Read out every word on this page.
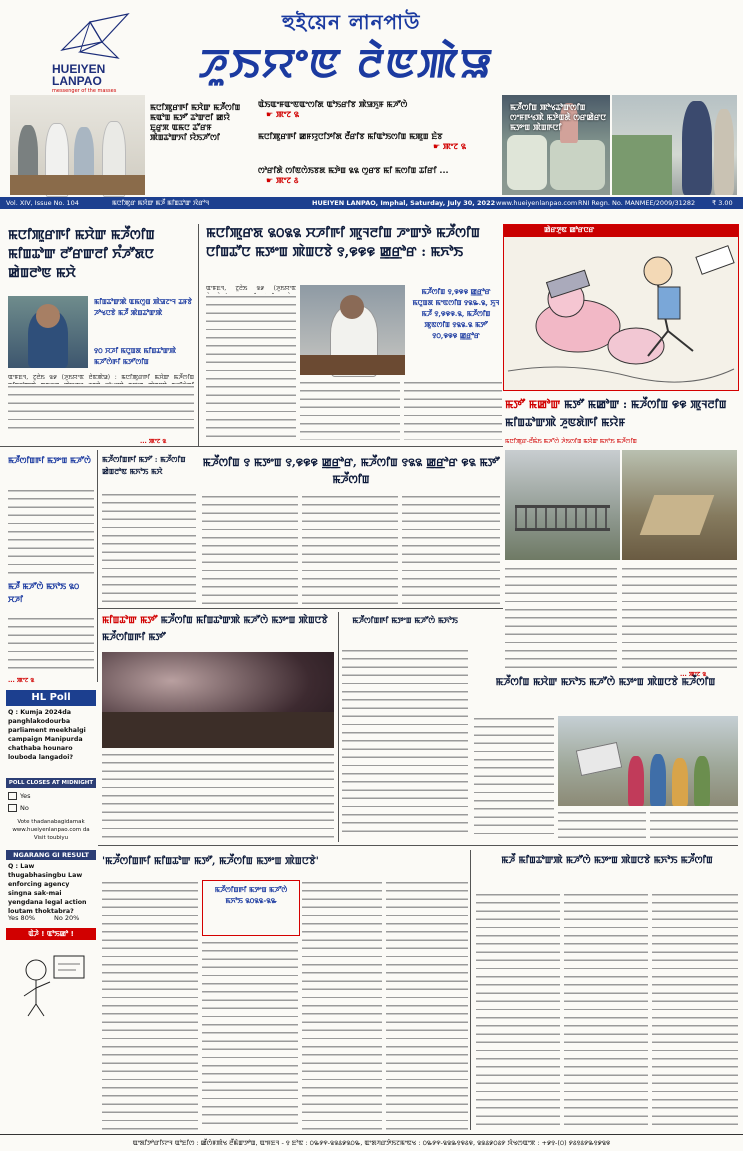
HUEIYEN
LANPAO
messenger of the masses
হুইয়েন লানপাউ
ꯍꯨꯏꯌꯦꯟ ꯂꯥꯟꯄꯥꯎ
ꯃꯅꯤꯄꯨꯔꯒꯤ ꯃꯆꯥꯛ ꯃꯍꯩꯁꯤꯡ ꯃꯑꯣꯡ ꯃꯇꯧ ꯊꯣꯛꯂꯤ ꯀꯌꯥ ꯐꯨꯔꯨꯞ ꯑꯃꯅ ꯊꯧꯔꯝ ꯄꯥꯡꯊꯣꯛꯈꯤ ꯌꯥꯏꯍꯧꯁꯤ
ꯑꯥꯏꯑꯦꯝꯑꯦꯟꯑꯦꯁꯤꯗ ꯑꯣꯏꯔꯤꯕ ꯄꯥꯎꯈꯨꯝ ꯃꯍꯧꯁꯥ
☛ ꯄꯦꯖ ꯲
ꯃꯅꯤꯄꯨꯔꯒꯤ ꯀꯝꯌꯨꯅꯤꯇꯤꯗ ꯂꯩꯔꯤꯕ ꯃꯤꯑꯣꯏꯁꯤꯡ ꯃꯄꯨꯡ ꯐꯥꯕ
☛ ꯄꯦꯖ ꯲
ꯁꯣꯔꯤꯗꯥ ꯁꯤꯟꯁꯥꯏꯕꯗ ꯃꯇꯥꯡ ꯲꯲ ꯁꯨꯔꯕ ꯃꯤ ꯃꯁꯤꯡ ꯊꯤꯔꯤ ...
☛ ꯄꯦꯖ ꯴
ꯃꯍꯩꯁꯤꯡ ꯄꯣꯠꯊꯣꯛꯁꯤꯡ ꯁꯦꯝꯒꯠꯄꯥ ꯃꯇꯥꯡꯗꯥ ꯁꯔꯀꯥꯔꯅ ꯃꯇꯦꯡ ꯄꯥꯡꯒꯅꯤ
Vol. XIV, Issue No. 104	ꯃꯅꯤꯄꯨꯔ ꯃꯆꯥꯛ ꯃꯍꯩ ꯃꯤꯡꯊꯣꯛ ꯋꯥꯔꯣꯜ	HUEIYEN LANPAO, Imphal, Saturday, July 30, 2022 www.hueiyenlanpao.com RNI Regn. No. MANMEE/2009/31282	₹ 3.00
ꯃꯅꯤꯄꯨꯔꯒꯤ ꯃꯆꯥꯛ ꯃꯍꯩꯁꯤꯡ ꯃꯤꯡꯊꯣꯛ ꯂꯧꯔꯛꯂꯤ ꯈꯪꯍꯧꯗꯅ ꯀꯥꯡꯂꯣꯟ ꯃꯆꯥ
ꯃꯤꯡꯊꯣꯛꯄꯥ ꯑꯃꯁꯨꯡ ꯄꯥꯎꯖꯦꯜ ꯊꯝꯕꯥ ꯍꯣꯠꯅꯕꯥ ꯃꯍꯩ ꯄꯥꯡꯊꯣꯛꯄꯥ
꯱꯰ ꯆꯍꯤ ꯃꯅꯨꯡꯗ ꯃꯤꯡꯊꯣꯛꯄꯥ ꯃꯍꯧꯁꯥꯒꯤ ꯃꯇꯧꯁꯤꯡ
ꯑꯦꯝꯐꯜ, ꯖꯨꯂꯥꯏ ꯲꯹ (ꯍꯨꯏꯌꯦꯟ ꯂꯥꯟꯄꯥꯎ) : ꯃꯅꯤꯄꯨꯔꯒꯤ ꯃꯆꯥꯛ ꯃꯍꯩꯁꯤꯡ
... ꯄꯦꯖ ꯲
ꯃꯅꯤꯄꯨꯔꯗ ꯲꯰꯲꯲ ꯆꯍꯤꯒꯤ ꯄꯨꯜꯂꯤꯡ ꯍꯦꯛꯇꯥ ꯃꯍꯩꯁꯤꯡ ꯅꯤꯡꯊꯧꯅ ꯃꯇꯦꯡ ꯄꯥꯡꯅꯕꯥ ꯱,꯶꯶꯶ ꯀ꯭ꯔꯣꯔ : ꯃꯈꯣꯏ
ꯑꯦꯝꯐꯜ, ꯖꯨꯂꯥꯏ ꯲꯹ (ꯍꯨꯏꯌꯦꯟ	ꯃꯍꯩꯁꯤꯡ ꯱,꯶꯶꯶ ꯀ꯭ꯔꯣꯔ ꯃꯅꯨꯡꯗ ꯃꯦꯟꯁꯤꯡ ꯱꯲꯳.꯲, ꯈꯨꯜ ꯃꯍꯩ ꯱,꯶꯶꯶.꯲, ꯃꯍꯩꯁꯤꯡ ꯄꯨꯟꯁꯤꯡ ꯱꯲꯲.꯲ ꯃꯇꯧ ꯱꯰,꯶꯶꯶ ꯀ꯭ꯔꯣꯔ
ꯀꯥꯔꯇꯨꯟ ꯀꯣꯔꯅꯔ
ꯃꯇꯧ ꯃꯀꯣꯛ ꯃꯇꯧ ꯃꯀꯣꯛ : ꯃꯍꯩꯁꯤꯡ ꯶꯶ ꯄꯨꯜꯂꯤꯡ ꯃꯤꯡꯊꯣꯛꯄꯥ ꯍꯨꯟꯗꯥꯒꯤ ꯃꯌꯥꯝ
ꯃꯅꯤꯄꯨꯔ-ꯂꯩꯃꯥꯏ ꯃꯍꯧꯁꯥ ꯍꯥꯏꯁꯤꯡ ꯃꯆꯥꯛ ꯃꯈꯣꯏ ꯃꯍꯩꯁꯤꯡ
ꯃꯍꯩꯁꯤꯡꯒꯤ ꯃꯇꯦꯡ ꯃꯍꯧꯁꯥ
ꯃꯍꯩ ꯃꯍꯧꯁꯥ ꯃꯈꯣꯏ ꯲꯰ ꯆꯍꯤ
... ꯄꯦꯖ ꯲
ꯃꯍꯩꯁꯤꯡꯒꯤ ꯃꯇꯧ : ꯃꯍꯩꯁꯤꯡ ꯀꯥꯡꯂꯣꯟ ꯃꯈꯣꯏ ꯃꯆꯥ
ꯃꯍꯩꯁꯤꯡ ꯱ ꯃꯇꯦꯡ ꯱,꯶꯶꯶ ꯀ꯭ꯔꯣꯔ, ꯃꯍꯩꯁꯤꯡ ꯱꯲꯲ ꯀ꯭ꯔꯣꯔ ꯶꯲ ꯃꯇꯧ ꯃꯍꯩꯁꯤꯡ
... ꯄꯦꯖ ꯲
ꯃꯤꯡꯊꯣꯛ ꯃꯇꯧ ꯃꯍꯩꯁꯤꯡ ꯃꯤꯡꯊꯣꯛꯄꯥ ꯃꯍꯧꯁꯥ ꯃꯇꯦꯡ ꯄꯥꯡꯅꯕꯥ ꯃꯍꯩꯁꯤꯡꯒꯤ ꯃꯇꯧ
ꯃꯍꯩꯁꯤꯡꯒꯤ ꯃꯇꯦꯡ ꯃꯍꯧꯁꯥ ꯃꯈꯣꯏ
ꯃꯍꯩꯁꯤꯡ ꯃꯆꯥꯛ ꯃꯈꯣꯏ ꯃꯍꯧꯁꯥ ꯃꯇꯦꯡ ꯄꯥꯡꯅꯕꯥ ꯃꯍꯩꯁꯤꯡ
HL Poll
Q : Kumja 2024da panghlakodourba parliament meekhalgi campaign Manipurda chathaba hounaro louboda langadoi?
POLL CLOSES AT MIDNIGHT
Yes
No
Vote thadanabagidamak www.hueiyenlanpao.com da Visit toubiyu
NGARANG GI RESULT
Q : Law thugabhasingbu Law enforcing agency singna sak-mai yengdana legal action loutam thoktabra?
Yes 80%	No 20%
ꯑꯥꯍꯥ ! ꯑꯣꯏꯀꯣ !
'ꯃꯍꯩꯁꯤꯡꯒꯤ ꯃꯤꯡꯊꯣꯛ ꯃꯇꯧ, ꯃꯍꯩꯁꯤꯡ ꯃꯇꯦꯡ ꯄꯥꯡꯅꯕꯥ'
ꯃꯍꯩꯁꯤꯡꯒꯤ ꯃꯇꯦꯡ ꯃꯍꯧꯁꯥ ꯃꯈꯣꯏ ꯲꯰꯲꯲-꯲꯳
ꯃꯍꯩ ꯃꯤꯡꯊꯣꯛꯄꯥ ꯃꯍꯧꯁꯥ ꯃꯇꯦꯡ ꯄꯥꯡꯅꯕꯥ ꯃꯈꯣꯏ ꯃꯍꯩꯁꯤꯡ
ꯑꯦꯗꯤꯇꯣꯔꯤꯌꯦꯜ ꯑꯣꯐꯤꯁ : ꯀꯩꯁꯥꯝꯄꯥꯠ ꯂꯩꯃꯥꯛꯇꯣꯡ, ꯑꯦꯝꯐꯜ - ꯱ ꯐꯣꯟ : ꯰꯳꯸꯵-꯲꯲꯴꯹꯲꯰꯳, ꯑꯦꯗꯚꯔꯇꯥꯏꯖꯃꯦꯟꯠ : ꯰꯳꯸꯵-꯲꯲꯳꯱꯶꯴꯶, ꯲꯲꯴꯹꯰꯴꯸ ꯋꯥꯠꯁꯑꯦꯞ : +꯹꯱-(꯰) ꯸꯴꯱꯴꯸꯳꯱꯹꯲꯶
